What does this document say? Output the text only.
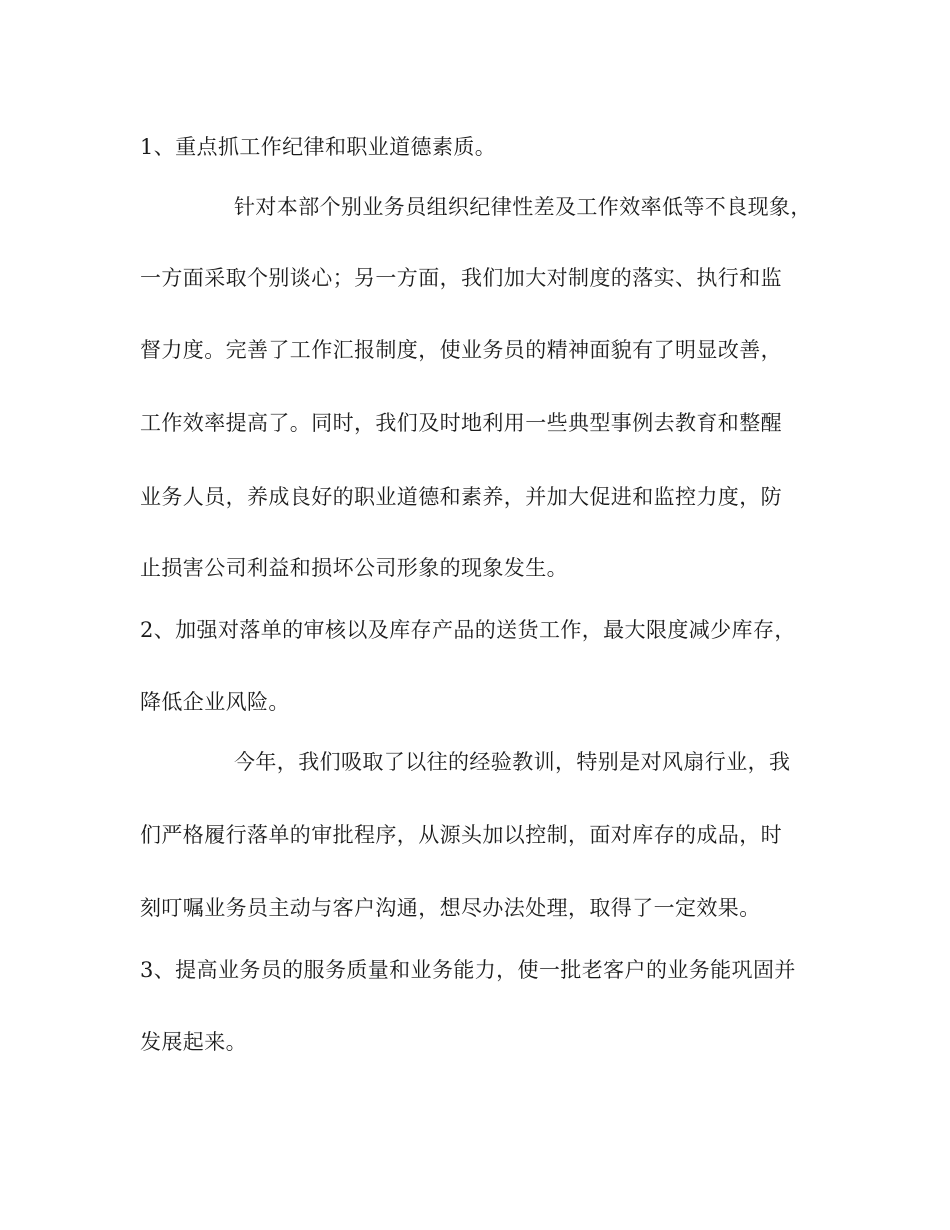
1、重点抓工作纪律和职业道德素质。
针对本部个别业务员组织纪律性差及工作效率低等不良现象，
一方面采取个别谈心；另一方面，我们加大对制度的落实、执行和监
督力度。完善了工作汇报制度，使业务员的精神面貌有了明显改善，
工作效率提高了。同时，我们及时地利用一些典型事例去教育和整醒
业务人员，养成良好的职业道德和素养，并加大促进和监控力度，防
止损害公司利益和损坏公司形象的现象发生。
2、加强对落单的审核以及库存产品的送货工作，最大限度减少库存，
降低企业风险。
今年，我们吸取了以往的经验教训，特别是对风扇行业，我
们严格履行落单的审批程序，从源头加以控制，面对库存的成品，时
刻叮嘱业务员主动与客户沟通，想尽办法处理，取得了一定效果。
3、提高业务员的服务质量和业务能力，使一批老客户的业务能巩固并
发展起来。
